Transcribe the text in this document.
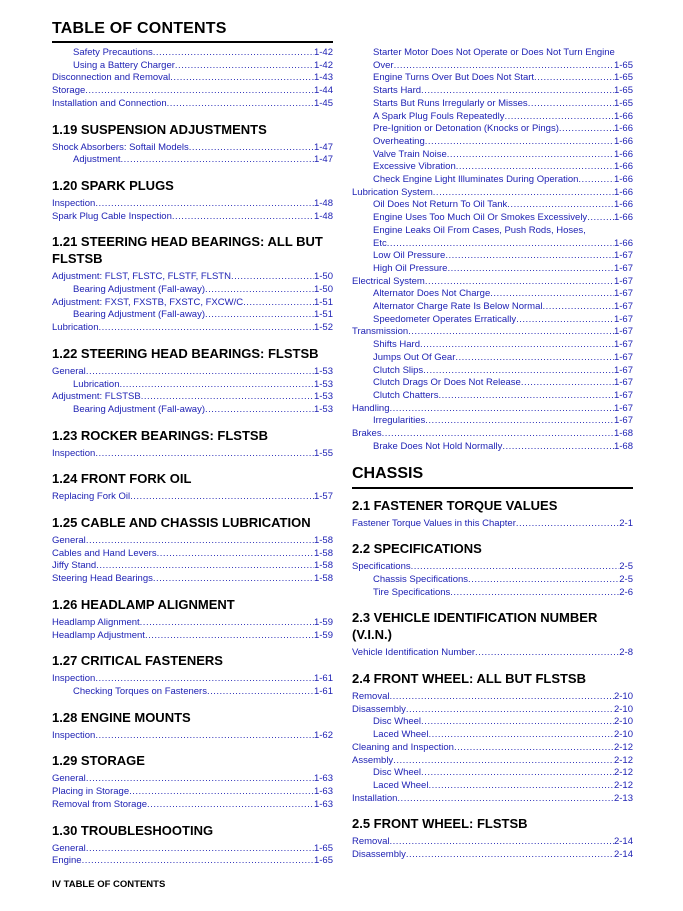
TABLE OF CONTENTS
Safety Precautions .....	1-42
Using a Battery Charger .....	1-42
Disconnection and Removal .....	1-43
Storage .....	1-44
Installation and Connection .....	1-45
1.19 SUSPENSION ADJUSTMENTS
Shock Absorbers: Softail Models .....	1-47
Adjustment .....	1-47
1.20 SPARK PLUGS
Inspection .....	1-48
Spark Plug Cable Inspection .....	1-48
1.21 STEERING HEAD BEARINGS: ALL BUT FLSTSB
Adjustment: FLST, FLSTC, FLSTF, FLSTN .....	1-50
Bearing Adjustment (Fall-away) .....	1-50
Adjustment: FXST, FXSTB, FXSTC, FXCW/C .....	1-51
Bearing Adjustment (Fall-away) .....	1-51
Lubrication .....	1-52
1.22 STEERING HEAD BEARINGS: FLSTSB
General .....	1-53
Lubrication .....	1-53
Adjustment: FLSTSB .....	1-53
Bearing Adjustment (Fall-away) .....	1-53
1.23 ROCKER BEARINGS: FLSTSB
Inspection .....	1-55
1.24 FRONT FORK OIL
Replacing Fork Oil .....	1-57
1.25 CABLE AND CHASSIS LUBRICATION
General .....	1-58
Cables and Hand Levers .....	1-58
Jiffy Stand .....	1-58
Steering Head Bearings .....	1-58
1.26 HEADLAMP ALIGNMENT
Headlamp Alignment .....	1-59
Headlamp Adjustment .....	1-59
1.27 CRITICAL FASTENERS
Inspection .....	1-61
Checking Torques on Fasteners .....	1-61
1.28 ENGINE MOUNTS
Inspection .....	1-62
1.29 STORAGE
General .....	1-63
Placing in Storage .....	1-63
Removal from Storage .....	1-63
1.30 TROUBLESHOOTING
General .....	1-65
Engine .....	1-65
Starter Motor Does Not Operate or Does Not Turn Engine
Over .....	1-65
Engine Turns Over But Does Not Start .....	1-65
Starts Hard .....	1-65
Starts But Runs Irregularly or Misses .....	1-65
A Spark Plug Fouls Repeatedly .....	1-66
Pre-Ignition or Detonation (Knocks or Pings) .....	1-66
Overheating .....	1-66
Valve Train Noise .....	1-66
Excessive Vibration .....	1-66
Check Engine Light Illuminates During Operation .....	1-66
Lubrication System .....	1-66
Oil Does Not Return To Oil Tank .....	1-66
Engine Uses Too Much Oil Or Smokes Excessively .....	1-66
Engine Leaks Oil From Cases, Push Rods, Hoses,
Etc .....	1-66
Low Oil Pressure .....	1-67
High Oil Pressure .....	1-67
Electrical System .....	1-67
Alternator Does Not Charge .....	1-67
Alternator Charge Rate Is Below Normal .....	1-67
Speedometer Operates Erratically .....	1-67
Transmission .....	1-67
Shifts Hard .....	1-67
Jumps Out Of Gear .....	1-67
Clutch Slips .....	1-67
Clutch Drags Or Does Not Release .....	1-67
Clutch Chatters .....	1-67
Handling .....	1-67
Irregularities .....	1-67
Brakes .....	1-68
Brake Does Not Hold Normally .....	1-68
CHASSIS
2.1 FASTENER TORQUE VALUES
Fastener Torque Values in this Chapter .....	2-1
2.2 SPECIFICATIONS
Specifications .....	2-5
Chassis Specifications .....	2-5
Tire Specifications .....	2-6
2.3 VEHICLE IDENTIFICATION NUMBER (V.I.N.)
Vehicle Identification Number .....	2-8
2.4 FRONT WHEEL: ALL BUT FLSTSB
Removal .....	2-10
Disassembly .....	2-10
Disc Wheel .....	2-10
Laced Wheel .....	2-10
Cleaning and Inspection .....	2-12
Assembly .....	2-12
Disc Wheel .....	2-12
Laced Wheel .....	2-12
Installation .....	2-13
2.5 FRONT WHEEL: FLSTSB
Removal .....	2-14
Disassembly .....	2-14
IV TABLE OF CONTENTS
